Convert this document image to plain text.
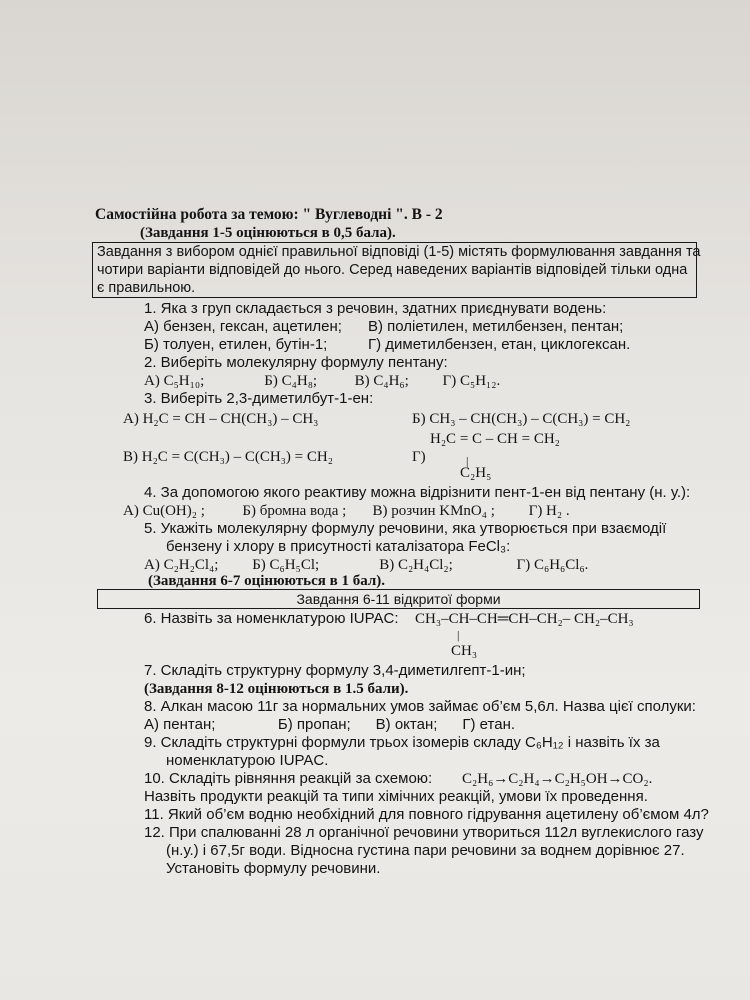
Самостійна робота за темою: " Вуглеводні ". В - 2
(Завдання 1-5 оцінюються в 0,5 бала).
Завдання з вибором однієї правильної відповіді (1-5) містять формулювання завдання та
чотири варіанти відповідей до нього. Серед наведених варіантів відповідей тільки одна
є правильною.
1. Яка з груп складається з речовин, здатних приєднувати водень:
А) бензен, гексан, ацетилен; В) поліетилен, метилбензен, пентан;
Б) толуен, етилен, бутін-1;	Г) диметилбензен, етан, циклогексан.
2. Виберіть молекулярну формулу пентану:
А) C₅H₁₀;                Б) C₄H₈;          В) C₄H₆;         Г) C₅H₁₂.
3. Виберіть 2,3-диметилбут-1-ен:
А) H₂C = CH – CH(CH₃) – CH₃	Б) CH₃ – CH(CH₃) – C(CH₃) = CH₂
H₂C = C – CH = CH₂
В) H₂C = C(CH₃) – C(CH₃) = CH₂	Г)	|
C₂H₅
4. За допомогою якого реактиву можна відрізнити пент-1-ен від пентану (н. у.):
А) Cu(OH)₂ ;          Б) бромна вода ;       В) розчин KMnO₄ ;         Г) H₂ .
5. Укажіть молекулярну формулу речовини, яка утворюється при взаємодії
бензену і хлору в присутності каталізатора FeCl₃:
А) C₂H₂Cl₄;         Б) C₆H₅Cl;                В) C₂H₄Cl₂;                 Г) C₆H₆Cl₆.
(Завдання 6-7 оцінюються в 1 бал).
Завдання 6-11 відкритої форми
6. Назвіть за номенклатурою IUPAC: CH₃–CH–CH═CH–CH₂– CH₂–CH₃
|
CH₃
7. Складіть структурну формулу 3,4-диметилгепт-1-ин;
(Завдання 8-12 оцінюються в 1.5 бали).
8. Алкан масою 11г за нормальних умов займає об’єм 5,6л. Назва цієї сполуки:
А) пентан;               Б) пропан;      В) октан;      Г) етан.
9. Складіть структурні формули трьох ізомерів складу C₆H₁₂ і назвіть їх за
номенклатурою IUPAC.
10. Складіть рівняння реакцій за схемою: C₂H₆→C₂H₄→C₂H₅OH→CO₂.
Назвіть продукти реакцій та типи хімічних реакцій, умови їх проведення.
11. Який об’єм водню необхідний для повного гідрування ацетилену об’ємом 4л?
12. При спалюванні 28 л органічної речовини утвориться 112л вуглекислого газу
(н.у.) і 67,5г води. Відносна густина пари речовини за воднем дорівнює 27.
Установіть формулу речовини.
